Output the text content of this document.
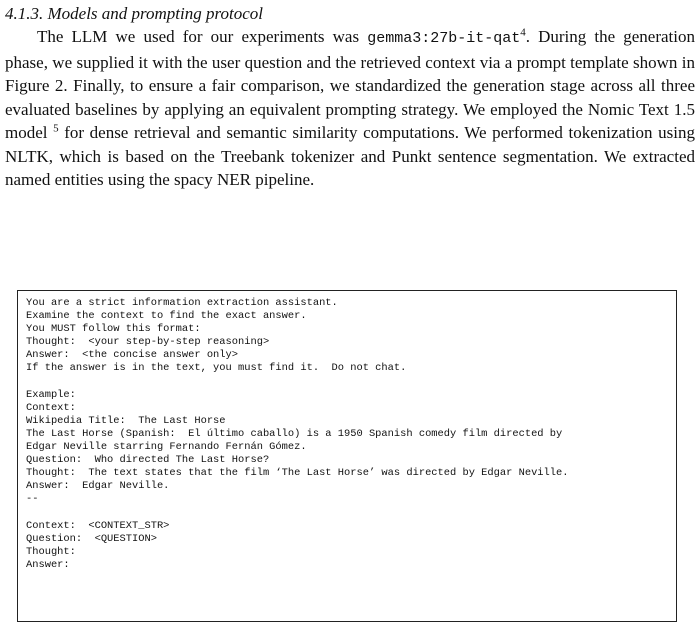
4.1.3. Models and prompting protocol

The LLM we used for our experiments was gemma3:27b-it-qat$^4$. During the generation phase, we supplied it with the user question and the retrieved context via a prompt template shown in Figure 2. Finally, to ensure a fair comparison, we standardized the generation stage across all three evaluated baselines by applying an equivalent prompting strategy. We employed the Nomic Text 1.5 model $^5$ for dense retrieval and semantic similarity computations. We performed tokenization using NLTK, which is based on the Treebank tokenizer and Punkt sentence segmentation. We extracted named entities using the spacy NER pipeline.

You are a strict information extraction assistant.
Examine the context to find the exact answer.
You MUST follow this format:
Thought:  <your step-by-step reasoning>
Answer:  <the concise answer only>
If the answer is in the text, you must find it.  Do not chat.
Example:
Context:
Wikipedia Title:  The Last Horse
The Last Horse (Spanish:  El último caballo) is a 1950 Spanish comedy film directed by
Edgar Neville starring Fernando Fernán Gómez.
Question:  Who directed The Last Horse?
Thought:  The text states that the film ‘The Last Horse’ was directed by Edgar Neville.
Answer:  Edgar Neville.
--
Context:  <CONTEXT_STR>
Question:  <QUESTION>
Thought:
Answer:
